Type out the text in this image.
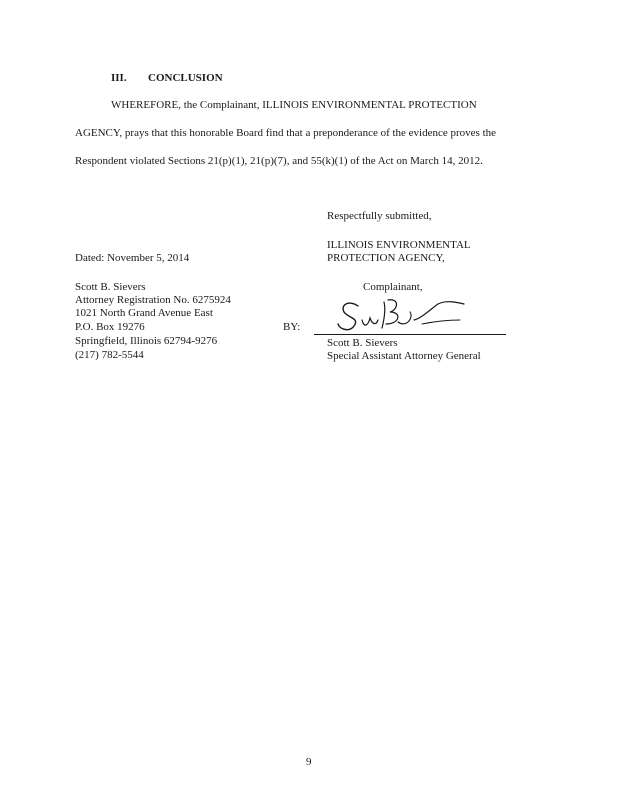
III. CONCLUSION
WHEREFORE, the Complainant, ILLINOIS ENVIRONMENTAL PROTECTION
AGENCY, prays that this honorable Board find that a preponderance of the evidence proves the
Respondent violated Sections 21(p)(1), 21(p)(7), and 55(k)(1) of the Act on March 14, 2012.
Respectfully submitted,
ILLINOIS ENVIRONMENTAL
PROTECTION AGENCY,
Complainant,
Dated: November 5, 2014
Scott B. Sievers
Attorney Registration No. 6275924
1021 North Grand Avenue East
P.O. Box 19276
Springfield, Illinois 62794-9276
(217) 782-5544
BY:
Scott B. Sievers
Special Assistant Attorney General
9
